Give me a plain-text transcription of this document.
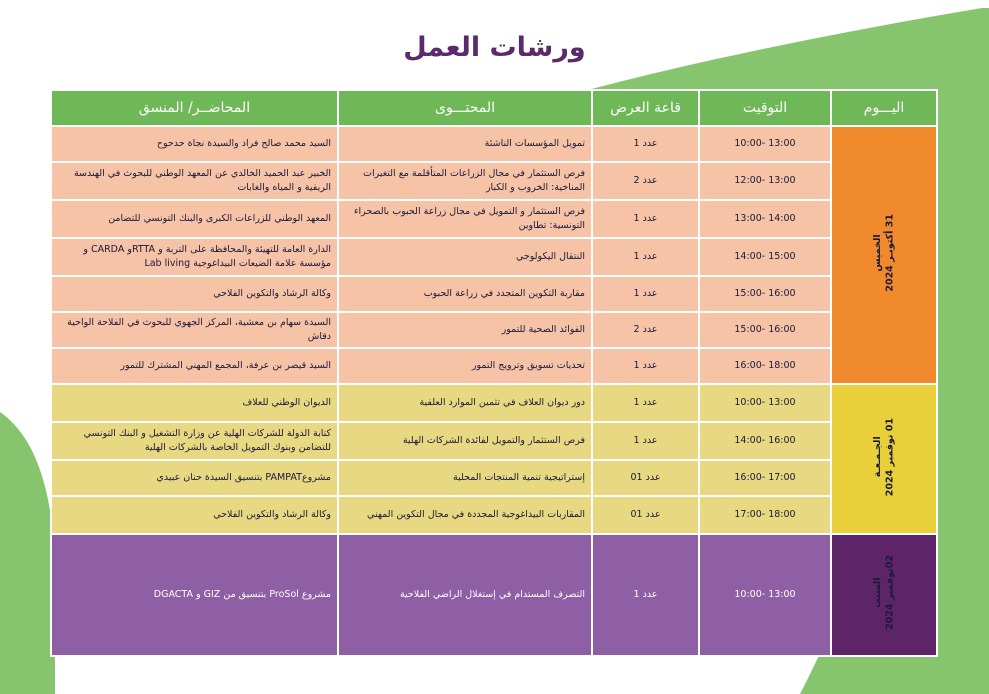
ورشات العمل
اليـــوم	التوقيت	قاعة العرض	المحتـــوى	المحاضــر/ المنسق
الخميس
31 أكتوبـر 2024	10:00- 13:00	عدد 1	تمويل المؤسسات الناشئة	السيد محمد صالح فراد والسيدة نجاة حدحوح
	12:00- 13:00	عدد 2	فرص الستثمار في مجال الزراعات المتأقلمة مع التغيرات المناخية: الخروب و الكبار	الخبير عبد الحميد الخالدي عن المعهد الوطني للبحوث في الهندسة الريفية و المياه والغابات
	13:00- 14:00	عدد 1	فرص الستثمار و التمويل في مجال زراعة الحبوب بالصحراء التونسية: تطاوين	المعهد الوطني للزراعات الكبرى والبنك التونسي للتضامن
	14:00- 15:00	عدد 1	النتقال اليكولوجي	الدارة العامة للتهيئة والمحافظة على التربة و RTTAو CARDA و مؤسسة علامة الضيعات البيداغوجية Lab living
	15:00- 16:00	عدد 1	مقاربة التكوين المتجدد في زراعة الحبوب	وكالة الرشاد والتكوين الفلاحي
	15:00- 16:00	عدد 2	الفوائد الصحية للتمور	السيدة سهام بن معشية، المركز الجهوي للبحوث في الفلاحة الواحية دقاش
	16:00- 18:00	عدد 1	تحديات تسويق وترويج التمور	السيد قيصر بن عرفة، المجمع المهني المشترك للتمور
الجـمـعـة
01 نوفمبر 2024	10:00- 13:00	عدد 1	دور ديوان العلاف في تثمين الموارد العلفية	الديوان الوطني للعلاف
	14:00- 16:00	عدد 1	فرص الستثمار والتمويل لفائدة الشركات الهلية	كتابة الدولة للشركات الهلية عن وزارة التشغيل و البنك التونسي للتضامن وبنوك التمويل الخاصة بالشركات الهلية
	16:00- 17:00	عدد 01	إستراتيجية تنمية المنتجات المحلية	مشروعPAMPAT بتنسيق السيدة حنان عبيدي
	17:00- 18:00	عدد 01	المقاربات البيداغوجية المجددة في مجال التكوين المهني	وكالة الرشاد والتكوين الفلاحي
السبت
02نوفمبر 2024	10:00- 13:00	عدد 1	التصرف المستدام في إستغلال الراضي الفلاحية	مشروع ProSol بتنسيق من GIZ و DGACTA
